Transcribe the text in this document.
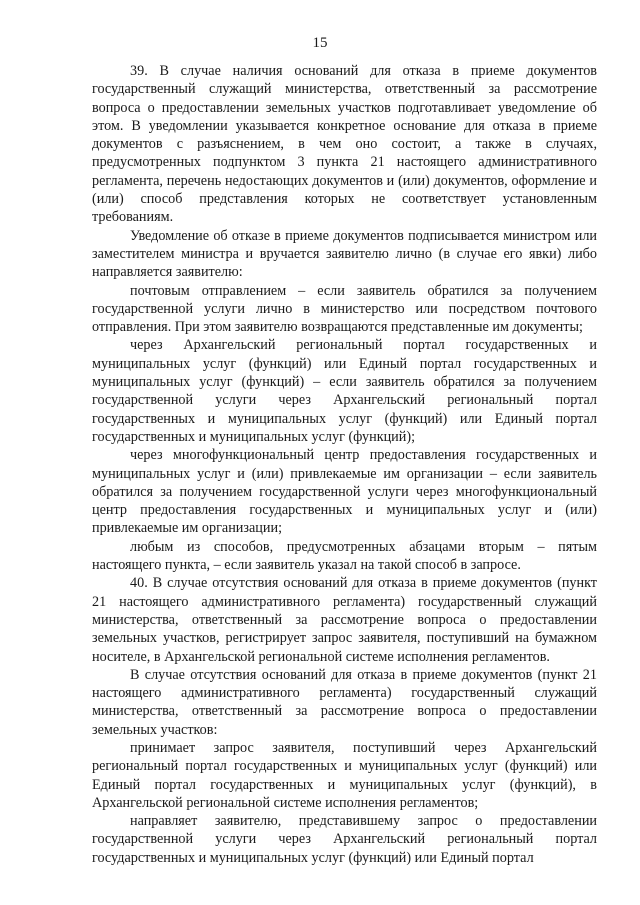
15

39. В случае наличия оснований для отказа в приеме документов государственный служащий министерства, ответственный за рассмотрение вопроса о предоставлении земельных участков подготавливает уведомление об этом. В уведомлении указывается конкретное основание для отказа в приеме документов с разъяснением, в чем оно состоит, а также в случаях, предусмотренных подпунктом 3 пункта 21 настоящего административного регламента, перечень недостающих документов и (или) документов, оформление и (или) способ представления которых не соответствует установленным требованиям.

Уведомление об отказе в приеме документов подписывается министром или заместителем министра и вручается заявителю лично (в случае его явки) либо направляется заявителю:

почтовым отправлением – если заявитель обратился за получением государственной услуги лично в министерство или посредством почтового отправления. При этом заявителю возвращаются представленные им документы;

через Архангельский региональный портал государственных и муниципальных услуг (функций) или Единый портал государственных и муниципальных услуг (функций) – если заявитель обратился за получением государственной услуги через Архангельский региональный портал государственных и муниципальных услуг (функций) или Единый портал государственных и муниципальных услуг (функций);

через многофункциональный центр предоставления государственных и муниципальных услуг и (или) привлекаемые им организации – если заявитель обратился за получением государственной услуги через многофункциональный центр предоставления государственных и муниципальных услуг и (или) привлекаемые им организации;

любым из способов, предусмотренных абзацами вторым – пятым настоящего пункта, – если заявитель указал на такой способ в запросе.

40. В случае отсутствия оснований для отказа в приеме документов (пункт 21 настоящего административного регламента) государственный служащий министерства, ответственный за рассмотрение вопроса о предоставлении земельных участков, регистрирует запрос заявителя, поступивший на бумажном носителе, в Архангельской региональной системе исполнения регламентов.

В случае отсутствия оснований для отказа в приеме документов (пункт 21 настоящего административного регламента) государственный служащий министерства, ответственный за рассмотрение вопроса о предоставлении земельных участков:

принимает запрос заявителя, поступивший через Архангельский региональный портал государственных и муниципальных услуг (функций) или Единый портал государственных и муниципальных услуг (функций), в Архангельской региональной системе исполнения регламентов;

направляет заявителю, представившему запрос о предоставлении государственной услуги через Архангельский региональный портал государственных и муниципальных услуг (функций) или Единый портал
